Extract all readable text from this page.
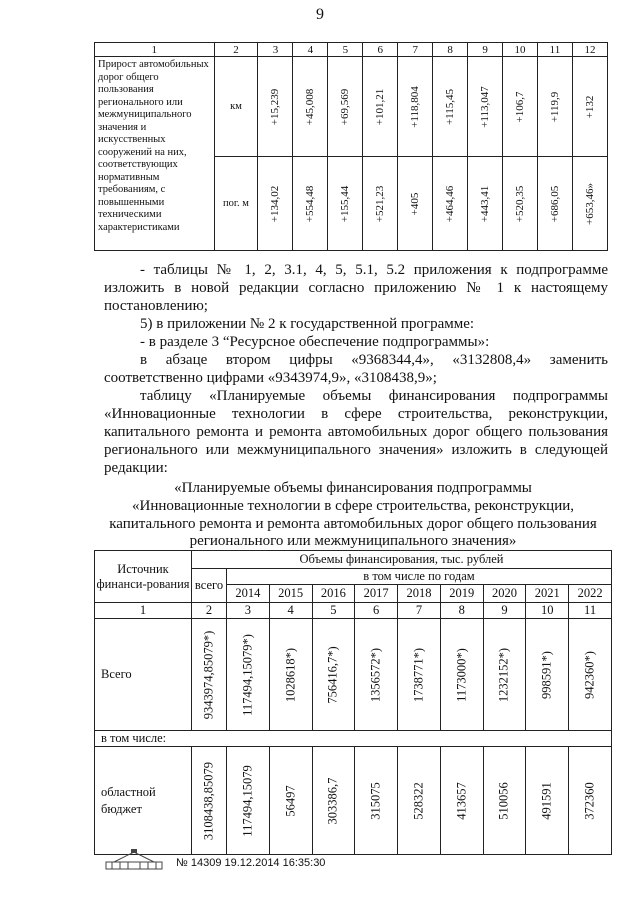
9
1	2	3	4	5	6	7	8	9	10	11	12
Прирост автомобильных дорог общего пользования регионального или межмуниципального значения и искусственных сооружений на них, соответствующих нормативным требованиям, с повышенными техническими характеристиками	км	+15,239	+45,008	+69,569	+101,21	+118,804	+115,45	+113,047	+106,7	+119,9	+132

	пог. м	+134,02	+554,48	+155,44	+521,23	+405	+464,46	+443,41	+520,35	+686,05	+653,46»
- таблицы № 1, 2, 3.1, 4, 5, 5.1, 5.2 приложения к подпрограмме
изложить в новой редакции согласно приложению № 1 к настоящему
постановлению;
5) в приложении № 2 к государственной программе:
- в разделе 3 “Ресурсное обеспечение подпрограммы»:
в абзаце втором цифры «9368344,4», «3132808,4» заменить
соответственно цифрами «9343974,9», «3108438,9»;
таблицу «Планируемые объемы финансирования подпрограммы
«Инновационные технологии в сфере строительства, реконструкции,
капитального ремонта и ремонта автомобильных дорог общего пользования
регионального или межмуниципального значения» изложить в следующей
редакции:
«Планируемые объемы финансирования подпрограммы
«Инновационные технологии в сфере строительства, реконструкции,
капитального ремонта и ремонта автомобильных дорог общего пользования
регионального или межмуниципального значения»
Источник финанси-рования	Объемы финансирования, тыс. рублей									
	всего	в том числе по годам								
		2014	2015	2016	2017	2018	2019	2020	2021	2022
1	2	3	4	5	6	7	8	9	10	11
Всего	9343974,85079*)	117494,15079*)	1028618*)	756416,7*)	1356572*)	1738771*)	1173000*)	1232152*)	998591*)	942360*)

в том числе:										
областной бюджет	3108438,85079	117494,15079	56497	303386,7	315075	528322	413657	510056	491591	372360
№ 14309 19.12.2014 16:35:30
